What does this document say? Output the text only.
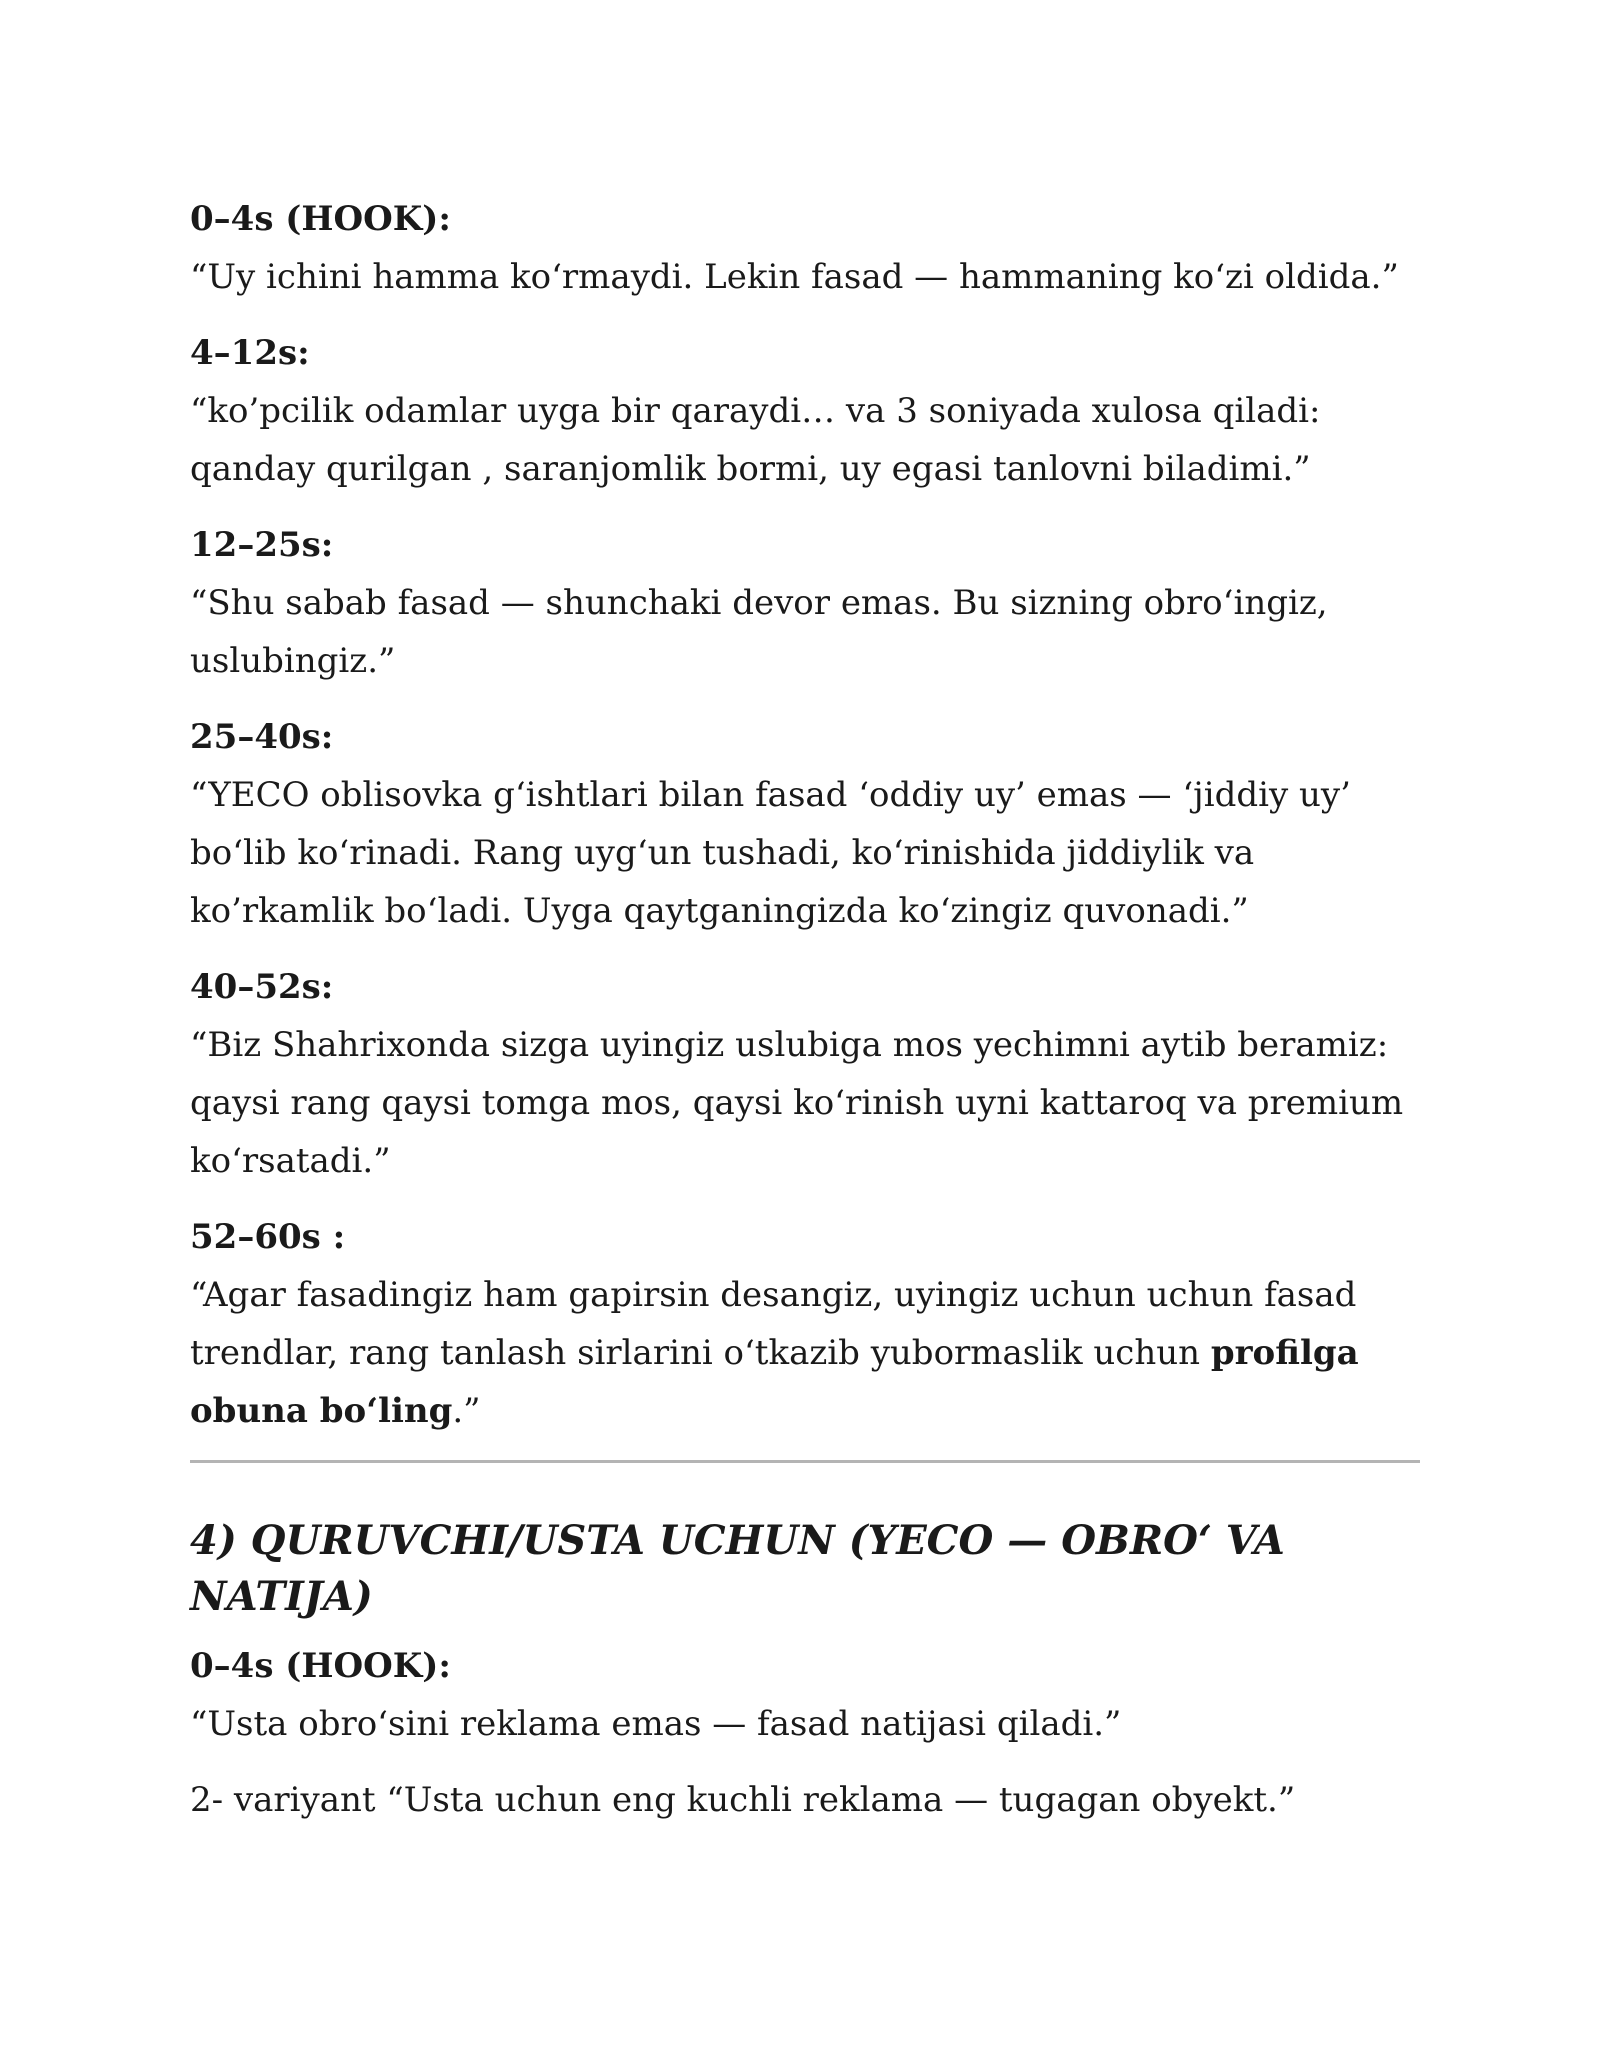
0–4s (HOOK):
“Uy ichini hamma ko‘rmaydi. Lekin fasad — hammaning ko‘zi oldida.”
4–12s:
“ko’pcilik odamlar uyga bir qaraydi… va 3 soniyada xulosa qiladi: qanday qurilgan , saranjomlik bormi, uy egasi tanlovni biladimi.”
12–25s:
“Shu sabab fasad — shunchaki devor emas. Bu sizning obro‘ingiz, uslubingiz.”
25–40s:
“YECO oblisovka g‘ishtlari bilan fasad ‘oddiy uy’ emas — ‘jiddiy uy’ bo‘lib ko‘rinadi. Rang uyg‘un tushadi, ko‘rinishida jiddiylik va ko’rkamlik bo‘ladi. Uyga qaytganingizda ko‘zingiz quvonadi.”
40–52s:
“Biz Shahrixonda sizga uyingiz uslubiga mos yechimni aytib beramiz: qaysi rang qaysi tomga mos, qaysi ko‘rinish uyni kattaroq va premium ko‘rsatadi.”
52–60s :
“Agar fasadingiz ham gapirsin desangiz, uyingiz uchun uchun fasad trendlar, rang tanlash sirlarini o‘tkazib yubormaslik uchun profilga obuna bo‘ling.”
4) QURUVCHI/USTA UCHUN (YECO — OBRO‘ VA NATIJA)
0–4s (HOOK):
“Usta obro‘sini reklama emas — fasad natijasi qiladi.”
2- variyant “Usta uchun eng kuchli reklama — tugagan obyekt.”
